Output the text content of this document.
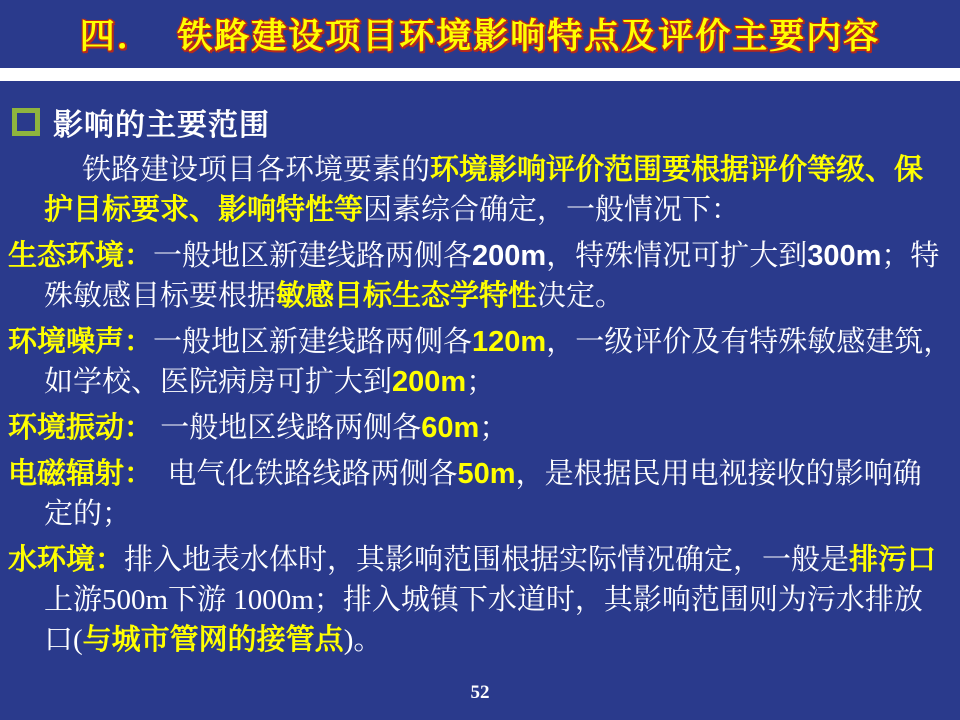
四．  铁路建设项目环境影响特点及评价主要内容
影响的主要范围
铁路建设项目各环境要素的环境影响评价范围要根据评价等级、保
护目标要求、影响特性等因素综合确定，一般情况下：
生态环境：一般地区新建线路两侧各200m，特殊情况可扩大到300m；特
殊敏感目标要根据敏感目标生态学特性决定。
环境噪声：一般地区新建线路两侧各120m，一级评价及有特殊敏感建筑，
如学校、医院病房可扩大到200m；
环境振动： 一般地区线路两侧各60m；
电磁辐射：  电气化铁路线路两侧各50m，是根据民用电视接收的影响确
定的；
水环境：排入地表水体时，其影响范围根据实际情况确定，一般是排污口
上游500m下游 1000m；排入城镇下水道时，其影响范围则为污水排放
口(与城市管网的接管点)。
52
